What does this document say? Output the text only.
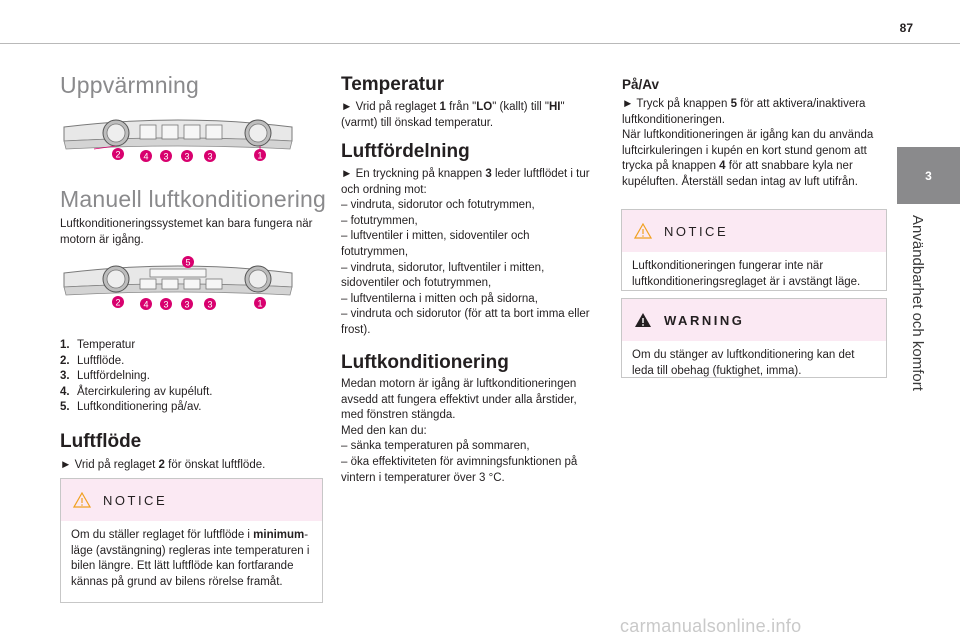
87
3
Användbarhet och komfort
Uppvärmning
2	4 3 3 3	1
Manuell luftkonditionering
Luftkonditioneringssystemet kan bara fungera när motorn är igång.
5
2	4 3 3 3	1
1. Temperatur
2. Luftflöde.
3. Luftfördelning.
4. Återcirkulering av kupéluft.
5. Luftkonditionering på/av.
Luftflöde
► Vrid på reglaget 2 för önskat luftflöde.
NOTICE
Om du ställer reglaget för luftflöde i minimum-läge (avstängning) regleras inte temperaturen i bilen längre. Ett lätt luftflöde kan fortfarande kännas på grund av bilens rörelse framåt.
Temperatur
► Vrid på reglaget 1 från "LO" (kallt) till "HI" (varmt) till önskad temperatur.
Luftfördelning

► En tryckning på knappen 3 leder luftflödet i tur och ordning mot:

– vindruta, sidorutor och fotutrymmen,

– fotutrymmen,

– luftventiler i mitten, sidoventiler och fotutrymmen,

– vindruta, sidorutor, luftventiler i mitten, sidoventiler och fotutrymmen,

– luftventilerna i mitten och på sidorna,

– vindruta och sidorutor (för att ta bort imma eller frost).

Luftkonditionering

Medan motorn är igång är luftkonditioneringen avsedd att fungera effektivt under alla årstider, med fönstren stängda.

Med den kan du:

– sänka temperaturen på sommaren,

– öka effektiviteten för avimningsfunktionen på vintern i temperaturer över 3 °C.

På/Av

► Tryck på knappen 5 för att aktivera/inaktivera luftkonditioneringen.

När luftkonditioneringen är igång kan du använda luftcirkuleringen i kupén en kort stund genom att trycka på knappen 4 för att snabbare kyla ner kupéluften. Återställ sedan intag av luft utifrån.

NOTICE
Luftkonditioneringen fungerar inte när luftkonditioneringsreglaget är i avstängt läge.
WARNING
Om du stänger av luftkonditionering kan det leda till obehag (fuktighet, imma).
carmanualsonline.info
